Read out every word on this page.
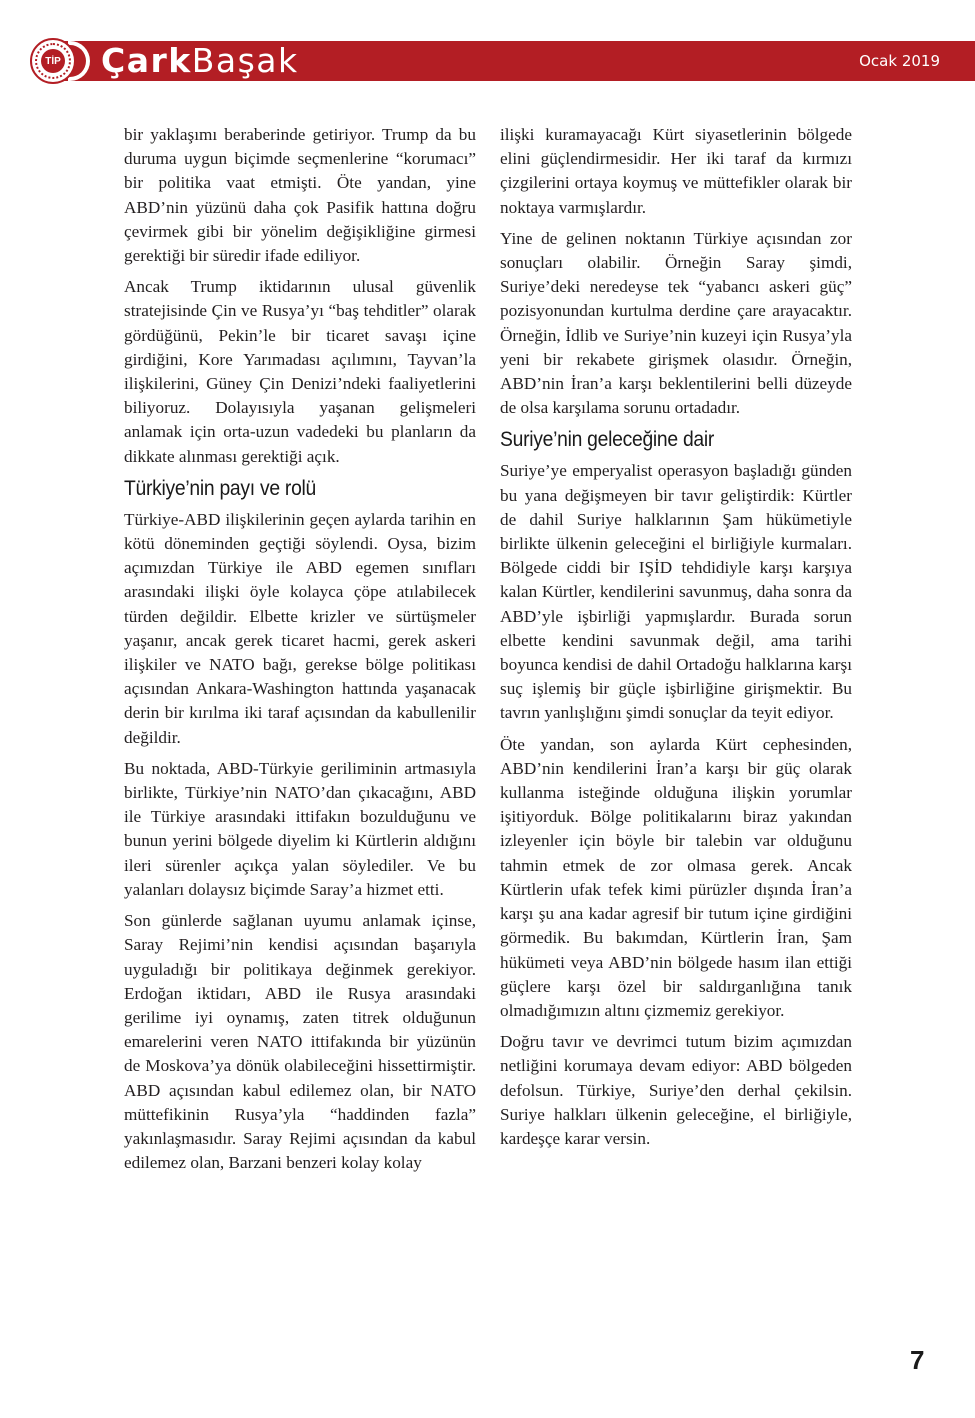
TİP ÇarkBaşak	Ocak 2019

bir yaklaşımı beraberinde getiriyor. Trump da bu duruma uygun biçimde seçmenlerine “korumacı” bir politika vaat etmişti. Öte yandan, yine ABD’nin yüzünü daha çok Pasifik hattına doğru çevirmek gibi bir yönelim değişikliğine girmesi gerektiği bir süredir ifade ediliyor.

Ancak Trump iktidarının ulusal güvenlik stratejisinde Çin ve Rusya’yı “baş tehditler” olarak gördüğünü, Pekin’le bir ticaret savaşı içine girdiğini, Kore Yarımadası açılımını, Tayvan’la ilişkilerini, Güney Çin Denizi’ndeki faaliyetlerini biliyoruz. Dolayısıyla yaşanan gelişmeleri anlamak için orta-uzun vadedeki bu planların da dikkate alınması gerektiği açık.

Türkiye’nin payı ve rolü

Türkiye-ABD ilişkilerinin geçen aylarda tarihin en kötü döneminden geçtiği söylendi. Oysa, bizim açımızdan Türkiye ile ABD egemen sınıfları arasındaki ilişki öyle kolayca çöpe atılabilecek türden değildir. Elbette krizler ve sürtüşmeler yaşanır, ancak gerek ticaret hacmi, gerek askeri ilişkiler ve NATO bağı, gerekse bölge politikası açısından Ankara-Washington hattında yaşanacak derin bir kırılma iki taraf açısından da kabullenilir değildir.

Bu noktada, ABD-Türkyie geriliminin artmasıyla birlikte, Türkiye’nin NATO’dan çıkacağını, ABD ile Türkiye arasındaki ittifakın bozulduğunu ve bunun yerini bölgede diyelim ki Kürtlerin aldığını ileri sürenler açıkça yalan söylediler. Ve bu yalanları dolaysız biçimde Saray’a hizmet etti.

Son günlerde sağlanan uyumu anlamak içinse, Saray Rejimi’nin kendisi açısından başarıyla uyguladığı bir politikaya değinmek gerekiyor. Erdoğan iktidarı, ABD ile Rusya arasındaki gerilime iyi oynamış, zaten titrek olduğunun emarelerini veren NATO ittifakında bir yüzünün de Moskova’ya dönük olabileceğini hissettirmiştir. ABD açısından kabul edilemez olan, bir NATO müttefikinin Rusya’yla “haddinden fazla” yakınlaşmasıdır. Saray Rejimi açısından da kabul edilemez olan, Barzani benzeri kolay kolay

ilişki kuramayacağı Kürt siyasetlerinin bölgede elini güçlendirmesidir. Her iki taraf da kırmızı çizgilerini ortaya koymuş ve müttefikler olarak bir noktaya varmışlardır.

Yine de gelinen noktanın Türkiye açısından zor sonuçları olabilir. Örneğin Saray şimdi, Suriye’deki neredeyse tek “yabancı askeri güç” pozisyonundan kurtulma derdine çare arayacaktır. Örneğin, İdlib ve Suriye’nin kuzeyi için Rusya’yla yeni bir rekabete girişmek olasıdır. Örneğin, ABD’nin İran’a karşı beklentilerini belli düzeyde de olsa karşılama sorunu ortadadır.

Suriye’nin geleceğine dair

Suriye’ye emperyalist operasyon başladığı günden bu yana değişmeyen bir tavır geliştirdik: Kürtler de dahil Suriye halklarının Şam hükümetiyle birlikte ülkenin geleceğini el birliğiyle kurmaları. Bölgede ciddi bir IŞİD tehdidiyle karşı karşıya kalan Kürtler, kendilerini savunmuş, daha sonra da ABD’yle işbirliği yapmışlardır. Burada sorun elbette kendini savunmak değil, ama tarihi boyunca kendisi de dahil Ortadoğu halklarına karşı suç işlemiş bir güçle işbirliğine girişmektir. Bu tavrın yanlışlığını şimdi sonuçlar da teyit ediyor.

Öte yandan, son aylarda Kürt cephesinden, ABD’nin kendilerini İran’a karşı bir güç olarak kullanma isteğinde olduğuna ilişkin yorumlar işitiyorduk. Bölge politikalarını biraz yakından izleyenler için böyle bir talebin var olduğunu tahmin etmek de zor olmasa gerek. Ancak Kürtlerin ufak tefek kimi pürüzler dışında İran’a karşı şu ana kadar agresif bir tutum içine girdiğini görmedik. Bu bakımdan, Kürtlerin İran, Şam hükümeti veya ABD’nin bölgede hasım ilan ettiği güçlere karşı özel bir saldırganlığına tanık olmadığımızın altını çizmemiz gerekiyor.

Doğru tavır ve devrimci tutum bizim açımızdan netliğini korumaya devam ediyor: ABD bölgeden defolsun. Türkiye, Suriye’den derhal çekilsin. Suriye halkları ülkenin geleceğine, el birliğiyle, kardeşçe karar versin.

7
